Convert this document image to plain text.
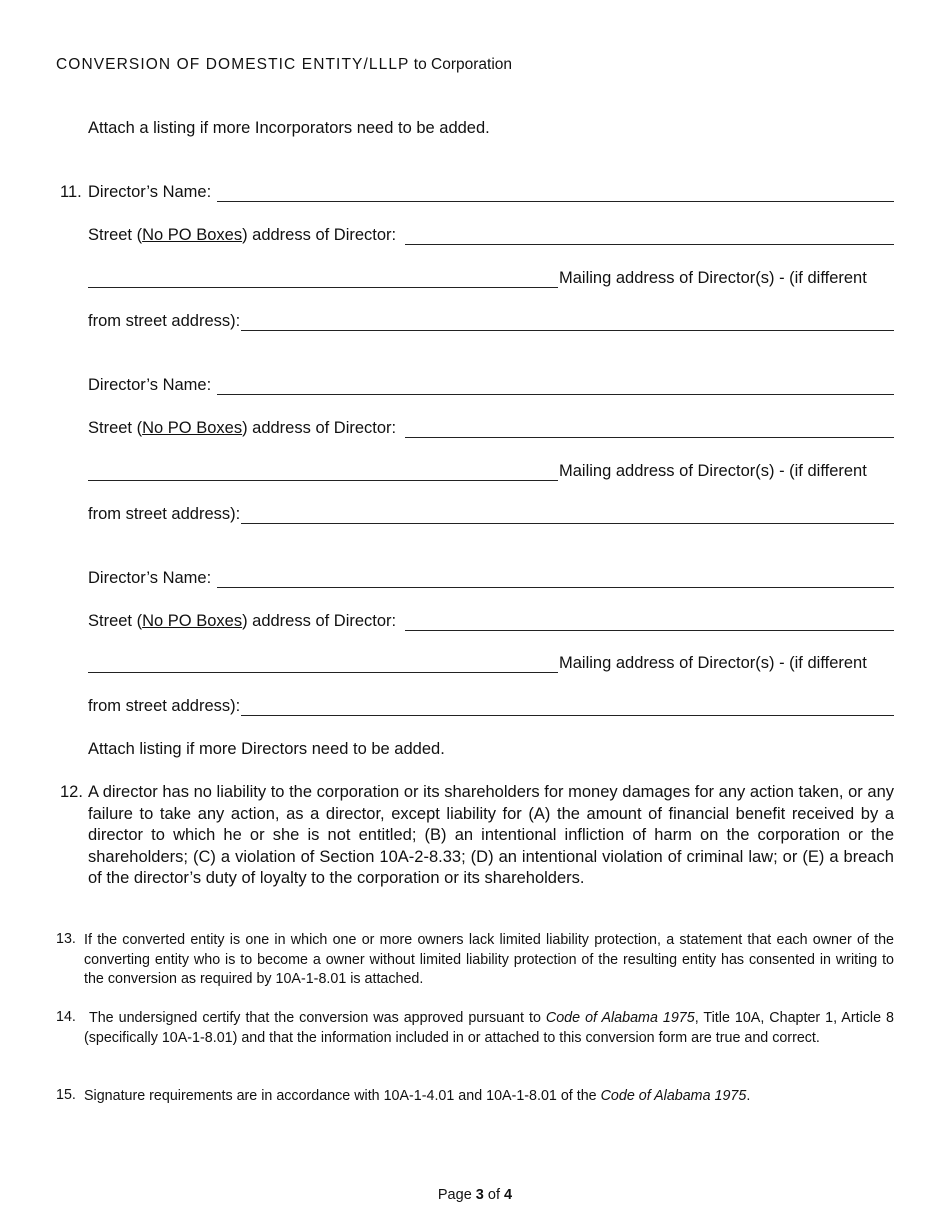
CONVERSION OF DOMESTIC ENTITY/LLLP to Corporation
Attach a listing if more Incorporators need to be added.
11. Director’s Name:
Street (No PO Boxes) address of Director:
Mailing address of Director(s) - (if different
from street address):
Director’s Name:
Street (No PO Boxes) address of Director:
Mailing address of Director(s) - (if different
from street address):
Director’s Name:
Street (No PO Boxes) address of Director:
Mailing address of Director(s) - (if different
from street address):
Attach listing if more Directors need to be added.
12. A director has no liability to the corporation or its shareholders for money damages for any action taken, or any failure to take any action, as a director, except liability for (A) the amount of financial benefit received by a director to which he or she is not entitled; (B) an intentional infliction of harm on the corporation or the shareholders; (C) a violation of Section 10A-2-8.33; (D) an intentional violation of criminal law; or (E) a breach of the director’s duty of loyalty to the corporation or its shareholders.
13. If the converted entity is one in which one or more owners lack limited liability protection, a statement that each owner of the converting entity who is to become a owner without limited liability protection of the resulting entity has consented in writing to the conversion as required by 10A-1-8.01 is attached.
14. The undersigned certify that the conversion was approved pursuant to Code of Alabama 1975, Title 10A, Chapter 1, Article 8 (specifically 10A-1-8.01) and that the information included in or attached to this conversion form are true and correct.
15. Signature requirements are in accordance with 10A-1-4.01 and 10A-1-8.01 of the Code of Alabama 1975.
Page 3 of 4
